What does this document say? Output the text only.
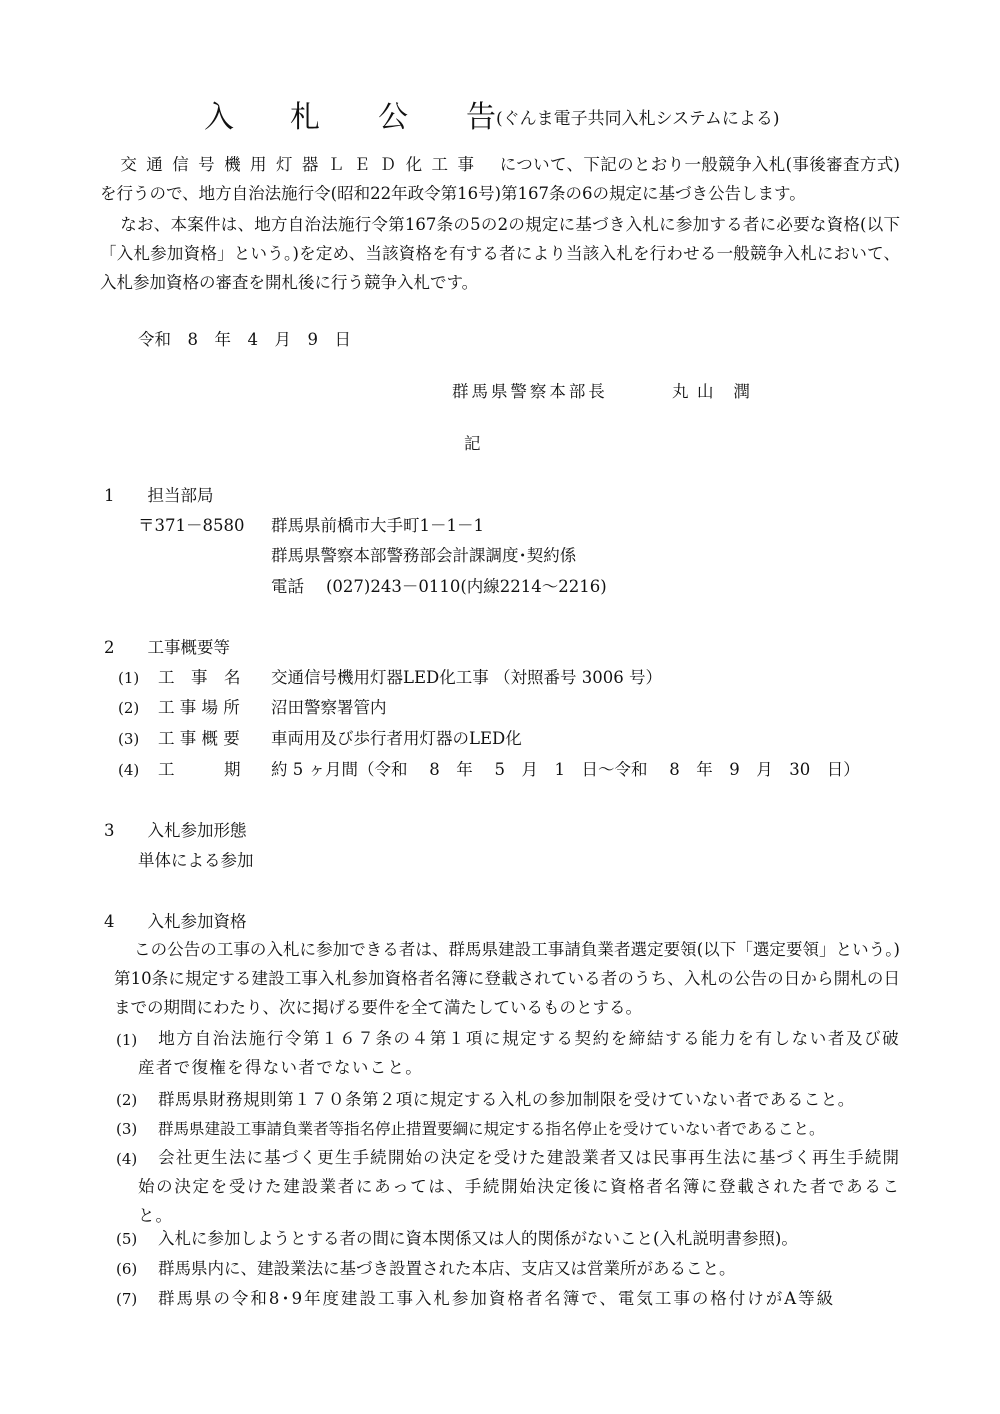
入 札 公 告 (ぐんま電子共同入札システムによる)
交通信号機用灯器ＬＥＤ化工事 について、下記のとおり一般競争入札(事後審査方式)を行うので、地方自治法施行令(昭和22年政令第16号)第167条の6の規定に基づき公告します。
なお、本案件は、地方自治法施行令第167条の5の2の規定に基づき入札に参加する者に必要な資格(以下「入札参加資格」という。)を定め、当該資格を有する者により当該入札を行わせる一般競争入札において、入札参加資格の審査を開札後に行う競争入札です。
令和　8　年　4　月　9　日
群馬県警察本部長	丸 山　潤
記
1　　担当部局
〒371－8580 群馬県前橋市大手町1－1－1
群馬県警察本部警務部会計課調度･契約係
電話 (027)243－0110(内線2214～2216)
2　　工事概要等
(1) 工　事　名 交通信号機用灯器LED化工事 （対照番号 3006 号）
(2) 工 事 場 所 沼田警察署管内
(3) 工 事 概 要 車両用及び歩行者用灯器のLED化
(4) 工　　　期 約 5 ヶ月間（令和　 8　年　 5　月　1　日～令和　 8　年　9　月　30　日）
3　　入札参加形態
単体による参加
4　　入札参加資格
この公告の工事の入札に参加できる者は、群馬県建設工事請負業者選定要領(以下「選定要領」という。)第10条に規定する建設工事入札参加資格者名簿に登載されている者のうち、入札の公告の日から開札の日までの期間にわたり、次に掲げる要件を全て満たしているものとする。
(1)	地方自治法施行令第１６７条の４第１項に規定する契約を締結する能力を有しない者及び破産者で復権を得ない者でないこと。
(2) 群馬県財務規則第１７０条第２項に規定する入札の参加制限を受けていない者であること。
(3) 群馬県建設工事請負業者等指名停止措置要綱に規定する指名停止を受けていない者であること。
(4)	会社更生法に基づく更生手続開始の決定を受けた建設業者又は民事再生法に基づく再生手続開始の決定を受けた建設業者にあっては、手続開始決定後に資格者名簿に登載された者であること。
(5) 入札に参加しようとする者の間に資本関係又は人的関係がないこと(入札説明書参照)。
(6) 群馬県内に、建設業法に基づき設置された本店、支店又は営業所があること。
(7) 群馬県の令和8･9年度建設工事入札参加資格者名簿で、電気工事の格付けがA等級
